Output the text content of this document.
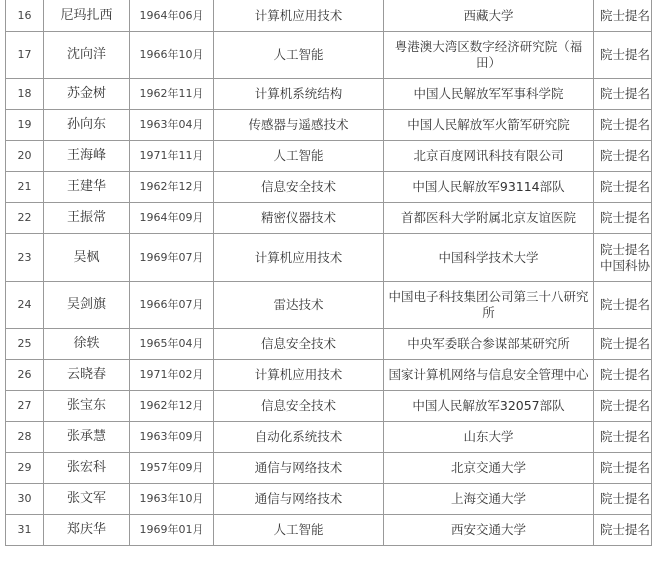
16	尼玛扎西	1964年06月	计算机应用技术	西藏大学	院士提名
17	沈向洋	1966年10月	人工智能	粤港澳大湾区数字经济研究院（福田）	院士提名
18	苏金树	1962年11月	计算机系统结构	中国人民解放军军事科学院	院士提名
19	孙向东	1963年04月	传感器与遥感技术	中国人民解放军火箭军研究院	院士提名
20	王海峰	1971年11月	人工智能	北京百度网讯科技有限公司	院士提名
21	王建华	1962年12月	信息安全技术	中国人民解放军93114部队	院士提名
22	王振常	1964年09月	精密仪器技术	首都医科大学附属北京友谊医院	院士提名
23	吴枫	1969年07月	计算机应用技术	中国科学技术大学	院士提名
中国科协
24	吴剑旗	1966年07月	雷达技术	中国电子科技集团公司第三十八研究所	院士提名
25	徐轶	1965年04月	信息安全技术	中央军委联合参谋部某研究所	院士提名
26	云晓春	1971年02月	计算机应用技术	国家计算机网络与信息安全管理中心	院士提名
27	张宝东	1962年12月	信息安全技术	中国人民解放军32057部队	院士提名
28	张承慧	1963年09月	自动化系统技术	山东大学	院士提名
29	张宏科	1957年09月	通信与网络技术	北京交通大学	院士提名
30	张文军	1963年10月	通信与网络技术	上海交通大学	院士提名
31	郑庆华	1969年01月	人工智能	西安交通大学	院士提名
